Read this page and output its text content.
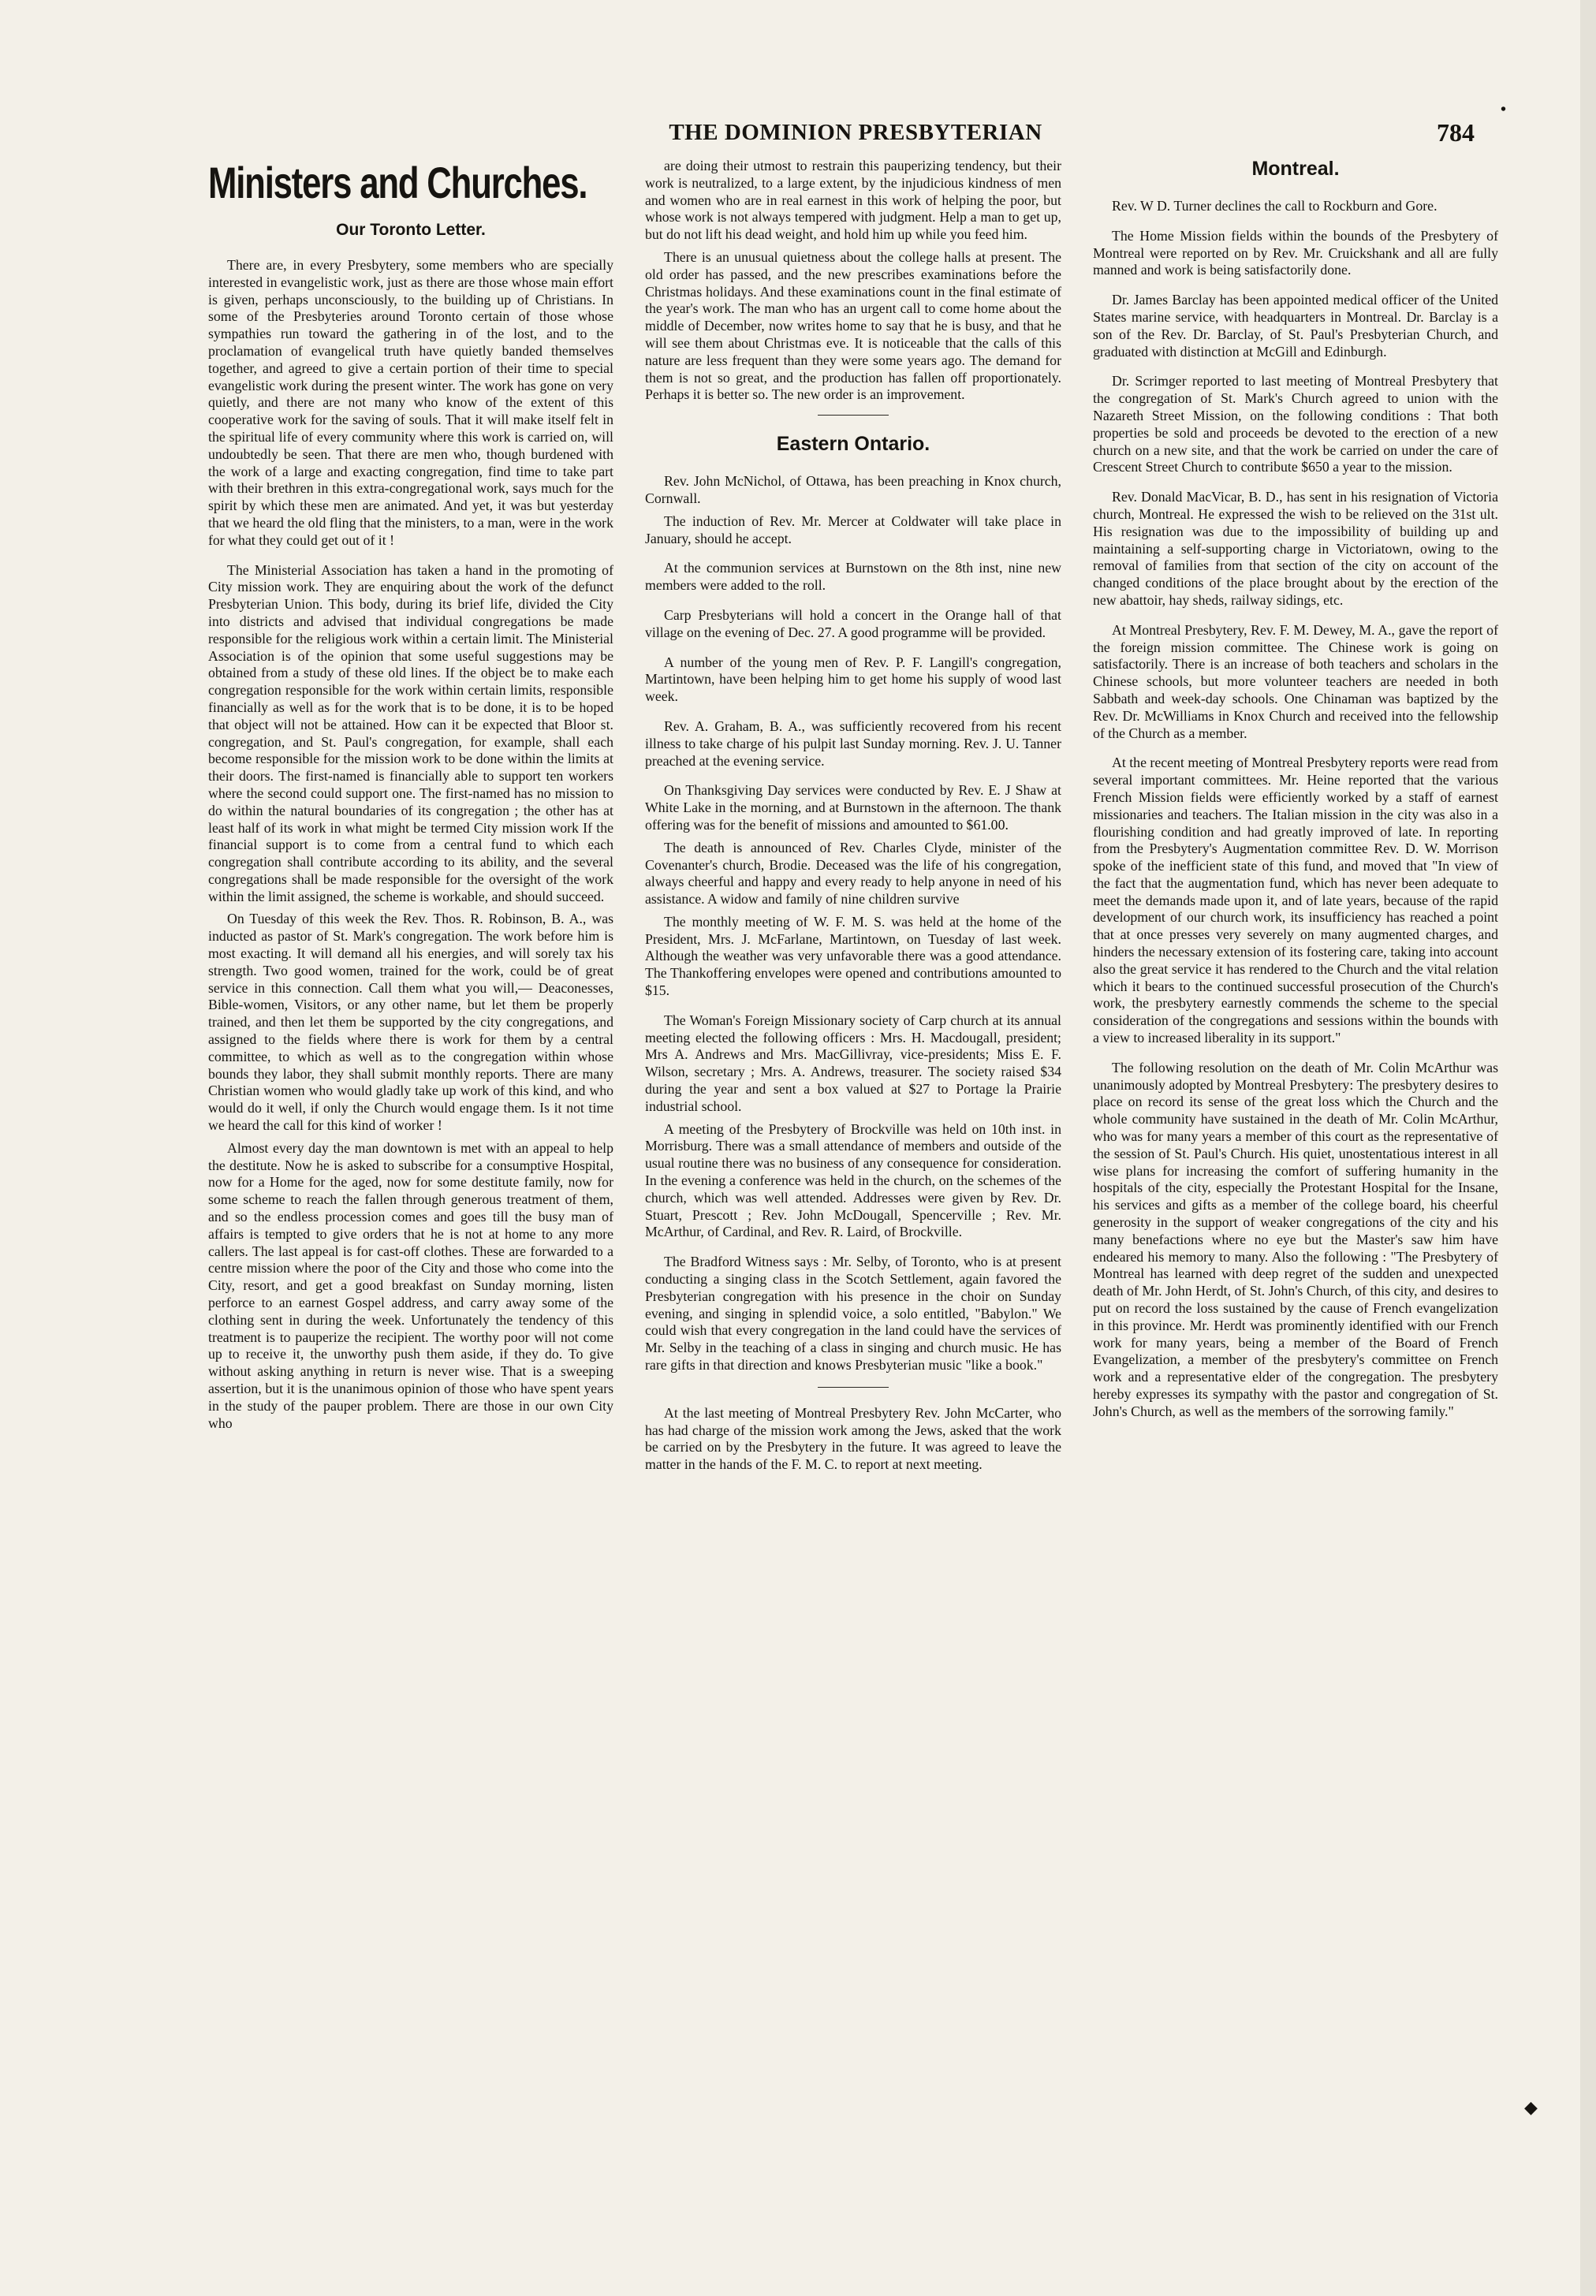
THE DOMINION PRESBYTERIAN	784
•
Ministers and Churches.
Our Toronto Letter.

There are, in every Presbytery, some members who are specially interested in evangelistic work, just as there are those whose main effort is given, perhaps unconsciously, to the building up of Christians. In some of the Presbyteries around Toronto certain of those whose sympathies run toward the gathering in of the lost, and to the proclamation of evangelical truth have quietly banded themselves together, and agreed to give a certain portion of their time to special evangelistic work during the present winter. The work has gone on very quietly, and there are not many who know of the extent of this cooperative work for the saving of souls. That it will make itself felt in the spiritual life of every community where this work is carried on, will undoubtedly be seen. That there are men who, though burdened with the work of a large and exacting congregation, find time to take part with their brethren in this extra-congregational work, says much for the spirit by which these men are animated. And yet, it was but yesterday that we heard the old fling that the ministers, to a man, were in the work for what they could get out of it !

The Ministerial Association has taken a hand in the promoting of City mission work. They are enquiring about the work of the defunct Presbyterian Union. This body, during its brief life, divided the City into districts and advised that individual congregations be made responsible for the religious work within a certain limit. The Ministerial Association is of the opinion that some useful suggestions may be obtained from a study of these old lines. If the object be to make each congregation responsible for the work within certain limits, responsible financially as well as for the work that is to be done, it is to be hoped that object will not be attained. How can it be expected that Bloor st. congregation, and St. Paul's congregation, for example, shall each become responsible for the mission work to be done within the limits at their doors. The first-named is financially able to support ten workers where the second could support one. The first-named has no mission to do within the natural boundaries of its congregation ; the other has at least half of its work in what might be termed City mission work If the financial support is to come from a central fund to which each congregation shall contribute according to its ability, and the several congregations shall be made responsible for the oversight of the work within the limit assigned, the scheme is workable, and should succeed.

On Tuesday of this week the Rev. Thos. R. Robinson, B. A., was inducted as pastor of St. Mark's congregation. The work before him is most exacting. It will demand all his energies, and will sorely tax his strength. Two good women, trained for the work, could be of great service in this connection. Call them what you will,— Deaconesses, Bible-women, Visitors, or any other name, but let them be properly trained, and then let them be supported by the city congregations, and assigned to the fields where there is work for them by a central committee, to which as well as to the congregation within whose bounds they labor, they shall submit monthly reports. There are many Christian women who would gladly take up work of this kind, and who would do it well, if only the Church would engage them. Is it not time we heard the call for this kind of worker !

Almost every day the man downtown is met with an appeal to help the destitute. Now he is asked to subscribe for a consumptive Hospital, now for a Home for the aged, now for some destitute family, now for some scheme to reach the fallen through generous treatment of them, and so the endless procession comes and goes till the busy man of affairs is tempted to give orders that he is not at home to any more callers. The last appeal is for cast-off clothes. These are forwarded to a centre mission where the poor of the City and those who come into the City, resort, and get a good breakfast on Sunday morning, listen perforce to an earnest Gospel address, and carry away some of the clothing sent in during the week. Unfortunately the tendency of this treatment is to pauperize the recipient. The worthy poor will not come up to receive it, the unworthy push them aside, if they do. To give without asking anything in return is never wise. That is a sweeping assertion, but it is the unanimous opinion of those who have spent years in the study of the pauper problem. There are those in our own City who

are doing their utmost to restrain this pauperizing tendency, but their work is neutralized, to a large extent, by the injudicious kindness of men and women who are in real earnest in this work of helping the poor, but whose work is not always tempered with judgment. Help a man to get up, but do not lift his dead weight, and hold him up while you feed him.

There is an unusual quietness about the college halls at present. The old order has passed, and the new prescribes examinations before the Christmas holidays. And these examinations count in the final estimate of the year's work. The man who has an urgent call to come home about the middle of December, now writes home to say that he is busy, and that he will see them about Christmas eve. It is noticeable that the calls of this nature are less frequent than they were some years ago. The demand for them is not so great, and the production has fallen off proportionately. Perhaps it is better so. The new order is an improvement.

Eastern Ontario.

Rev. John McNichol, of Ottawa, has been preaching in Knox church, Cornwall.

The induction of Rev. Mr. Mercer at Coldwater will take place in January, should he accept.

At the communion services at Burnstown on the 8th inst, nine new members were added to the roll.

Carp Presbyterians will hold a concert in the Orange hall of that village on the evening of Dec. 27. A good programme will be provided.

A number of the young men of Rev. P. F. Langill's congregation, Martintown, have been helping him to get home his supply of wood last week.

Rev. A. Graham, B. A., was sufficiently recovered from his recent illness to take charge of his pulpit last Sunday morning. Rev. J. U. Tanner preached at the evening service.

On Thanksgiving Day services were conducted by Rev. E. J Shaw at White Lake in the morning, and at Burnstown in the afternoon. The thank offering was for the benefit of missions and amounted to $61.00.

The death is announced of Rev. Charles Clyde, minister of the Covenanter's church, Brodie. Deceased was the life of his congregation, always cheerful and happy and every ready to help anyone in need of his assistance. A widow and family of nine children survive

The monthly meeting of W. F. M. S. was held at the home of the President, Mrs. J. McFarlane, Martintown, on Tuesday of last week. Although the weather was very unfavorable there was a good attendance. The Thankoffering envelopes were opened and contributions amounted to $15.

The Woman's Foreign Missionary society of Carp church at its annual meeting elected the following officers : Mrs. H. Macdougall, president; Mrs A. Andrews and Mrs. MacGillivray, vice-presidents; Miss E. F. Wilson, secretary ; Mrs. A. Andrews, treasurer. The society raised $34 during the year and sent a box valued at $27 to Portage la Prairie industrial school.

A meeting of the Presbytery of Brockville was held on 10th inst. in Morrisburg. There was a small attendance of members and outside of the usual routine there was no business of any consequence for consideration. In the evening a conference was held in the church, on the schemes of the church, which was well attended. Addresses were given by Rev. Dr. Stuart, Prescott ; Rev. John McDougall, Spencerville ; Rev. Mr. McArthur, of Cardinal, and Rev. R. Laird, of Brockville.

The Bradford Witness says : Mr. Selby, of Toronto, who is at present conducting a singing class in the Scotch Settlement, again favored the Presbyterian congregation with his presence in the choir on Sunday evening, and singing in splendid voice, a solo entitled, "Babylon." We could wish that every congregation in the land could have the services of Mr. Selby in the teaching of a class in singing and church music. He has rare gifts in that direction and knows Presbyterian music "like a book."

At the last meeting of Montreal Presbytery Rev. John McCarter, who has had charge of the mission work among the Jews, asked that the work be carried on by the Presbytery in the future. It was agreed to leave the matter in the hands of the F. M. C. to report at next meeting.

Montreal.

Rev. W D. Turner declines the call to Rockburn and Gore.

The Home Mission fields within the bounds of the Presbytery of Montreal were reported on by Rev. Mr. Cruickshank and all are fully manned and work is being satisfactorily done.

Dr. James Barclay has been appointed medical officer of the United States marine service, with headquarters in Montreal. Dr. Barclay is a son of the Rev. Dr. Barclay, of St. Paul's Presbyterian Church, and graduated with distinction at McGill and Edinburgh.

Dr. Scrimger reported to last meeting of Montreal Presbytery that the congregation of St. Mark's Church agreed to union with the Nazareth Street Mission, on the following conditions : That both properties be sold and proceeds be devoted to the erection of a new church on a new site, and that the work be carried on under the care of Crescent Street Church to contribute $650 a year to the mission.

Rev. Donald MacVicar, B. D., has sent in his resignation of Victoria church, Montreal. He expressed the wish to be relieved on the 31st ult. His resignation was due to the impossibility of building up and maintaining a self-supporting charge in Victoriatown, owing to the removal of families from that section of the city on account of the changed conditions of the place brought about by the erection of the new abattoir, hay sheds, railway sidings, etc.

At Montreal Presbytery, Rev. F. M. Dewey, M. A., gave the report of the foreign mission committee. The Chinese work is going on satisfactorily. There is an increase of both teachers and scholars in the Chinese schools, but more volunteer teachers are needed in both Sabbath and week-day schools. One Chinaman was baptized by the Rev. Dr. McWilliams in Knox Church and received into the fellowship of the Church as a member.

At the recent meeting of Montreal Presbytery reports were read from several important committees. Mr. Heine reported that the various French Mission fields were efficiently worked by a staff of earnest missionaries and teachers. The Italian mission in the city was also in a flourishing condition and had greatly improved of late. In reporting from the Presbytery's Augmentation committee Rev. D. W. Morrison spoke of the inefficient state of this fund, and moved that "In view of the fact that the augmentation fund, which has never been adequate to meet the demands made upon it, and of late years, because of the rapid development of our church work, its insufficiency has reached a point that at once presses very severely on many augmented charges, and hinders the necessary extension of its fostering care, taking into account also the great service it has rendered to the Church and the vital relation which it bears to the continued successful prosecution of the Church's work, the presbytery earnestly commends the scheme to the special consideration of the congregations and sessions within the bounds with a view to increased liberality in its support."

The following resolution on the death of Mr. Colin McArthur was unanimously adopted by Montreal Presbytery: The presbytery desires to place on record its sense of the great loss which the Church and the whole community have sustained in the death of Mr. Colin McArthur, who was for many years a member of this court as the representative of the session of St. Paul's Church. His quiet, unostentatious interest in all wise plans for increasing the comfort of suffering humanity in the hospitals of the city, especially the Protestant Hospital for the Insane, his services and gifts as a member of the college board, his cheerful generosity in the support of weaker congregations of the city and his many benefactions where no eye but the Master's saw him have endeared his memory to many. Also the following : "The Presbytery of Montreal has learned with deep regret of the sudden and unexpected death of Mr. John Herdt, of St. John's Church, of this city, and desires to put on record the loss sustained by the cause of French evangelization in this province. Mr. Herdt was prominently identified with our French work for many years, being a member of the Board of French Evangelization, a member of the presbytery's committee on French work and a representative elder of the congregation. The presbytery hereby expresses its sympathy with the pastor and congregation of St. John's Church, as well as the members of the sorrowing family."

◆
